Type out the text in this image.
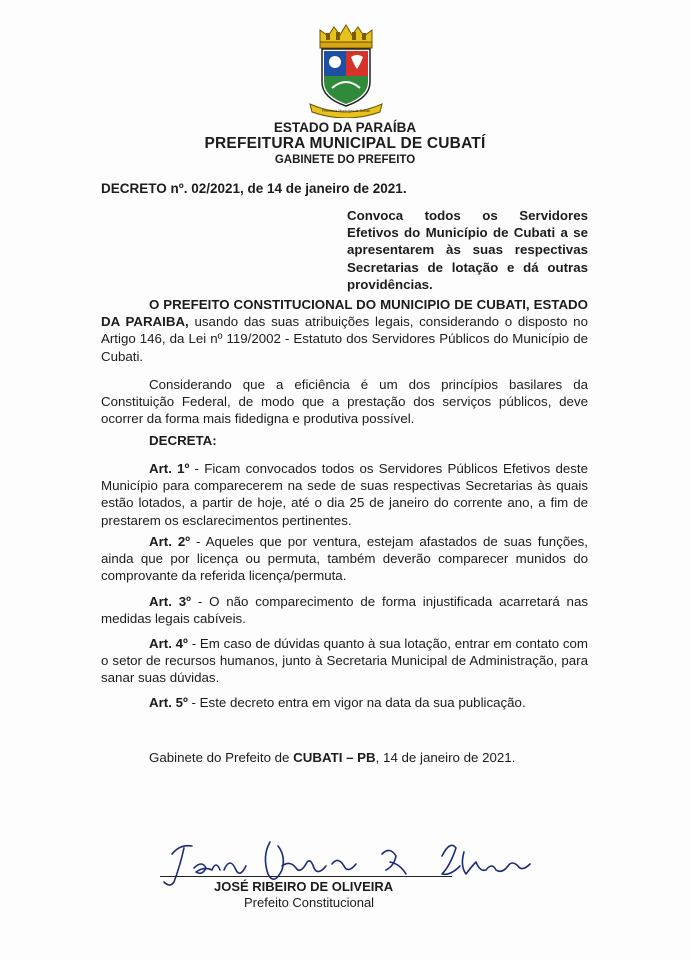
Prefeitura Municipal de Cubatí
ESTADO DA PARAÍBA
PREFEITURA MUNICIPAL DE CUBATÍ
GABINETE DO PREFEITO
DECRETO nº. 02/2021, de 14 de janeiro de 2021.
Convoca todos os Servidores Efetivos do Município de Cubati a se apresentarem às suas respectivas Secretarias de lotação e dá outras providências.
O PREFEITO CONSTITUCIONAL DO MUNICIPIO DE CUBATI, ESTADO DA PARAIBA, usando das suas atribuições legais, considerando o disposto no Artigo 146, da Lei nº 119/2002 - Estatuto dos Servidores Públicos do Município de Cubati.
Considerando que a eficiência é um dos princípios basilares da Constituição Federal, de modo que a prestação dos serviços públicos, deve ocorrer da forma mais fidedigna e produtiva possível.
DECRETA:
Art. 1º - Ficam convocados todos os Servidores Públicos Efetivos deste Município para comparecerem na sede de suas respectivas Secretarias às quais estão lotados, a partir de hoje, até o dia 25 de janeiro do corrente ano, a fim de prestarem os esclarecimentos pertinentes.
Art. 2º - Aqueles que por ventura, estejam afastados de suas funções, ainda que por licença ou permuta, também deverão comparecer munidos do comprovante da referida licença/permuta.
Art. 3º - O não comparecimento de forma injustificada acarretará nas medidas legais cabíveis.
Art. 4º - Em caso de dúvidas quanto à sua lotação, entrar em contato com o setor de recursos humanos, junto à Secretaria Municipal de Administração, para sanar suas dúvidas.
Art. 5º - Este decreto entra em vigor na data da sua publicação.
Gabinete do Prefeito de CUBATI – PB, 14 de janeiro de 2021.
JOSÉ RIBEIRO DE OLIVEIRA
Prefeito Constitucional
